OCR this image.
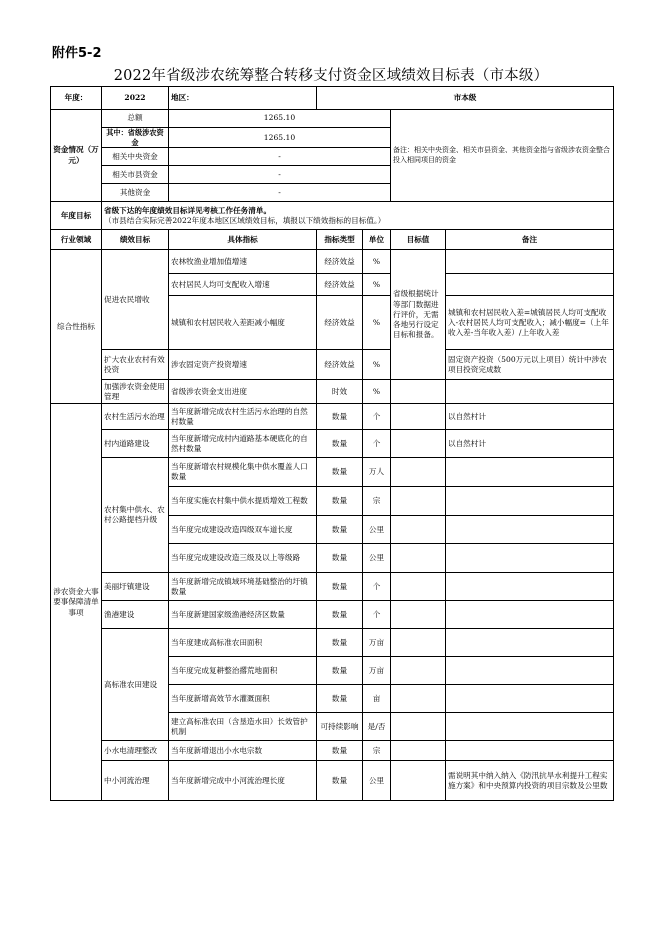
附件5-2
2022年省级涉农统筹整合转移支付资金区域绩效目标表（市本级）
年度：	2022	地区：	市本级			
资金情况（万元）	总额	1265.10			备注：相关中央资金、相关市县资金、其他资金指与省级涉农资金整合投入相同项目的资金	
	其中：省级涉农资金	1265.10				
	相关中央资金	-				
	相关市县资金	-				
	其他资金	-				
年度目标	省级下达的年度绩效目标详见考核工作任务清单。
（市县结合实际完善2022年度本地区区域绩效目标，填报以下绩效指标的目标值。）					

行业领域	绩效目标	具体指标	指标类型	单位	目标值	备注
综合性指标	促进农民增收	农林牧渔业增加值增速	经济效益	%	省级根据统计等部门数据进行评价，无需各地另行设定目标和报备。	
		农村居民人均可支配收入增速	经济效益	%		
		城镇和农村居民收入差距减小幅度	经济效益	%		城镇和农村居民收入差=城镇居民人均可支配收入-农村居民人均可支配收入；减小幅度=（上年收入差-当年收入差）/上年收入差
	扩大农业农村有效投资	涉农固定资产投资增速	经济效益	%		固定资产投资（500万元以上项目）统计中涉农项目投资完成数
	加强涉农资金使用管理	省级涉农资金支出进度	时效	%		
涉农资金大事要事保障清单事项	农村生活污水治理	当年度新增完成农村生活污水治理的自然村数量	数量	个		以自然村计
	村内道路建设	当年度新增完成村内道路基本硬底化的自然村数量	数量	个		以自然村计
	农村集中供水、农村公路提档升级	当年度新增农村规模化集中供水覆盖人口数量	数量	万人		
		当年度实施农村集中供水提质增效工程数	数量	宗		
		当年度完成建设改造四级双车道长度	数量	公里		
		当年度完成建设改造三级及以上等级路	数量	公里		
	美丽圩镇建设	当年度新增完成镇域环境基础整治的圩镇数量	数量	个		
	渔港建设	当年度新建国家级渔港经济区数量	数量	个		
	高标准农田建设	当年度建成高标准农田面积	数量	万亩		
		当年度完成复耕整治撂荒地面积	数量	万亩		
		当年度新增高效节水灌溉面积	数量	亩		
		建立高标准农田（含垦造水田）长效管护机制	可持续影响	是/否		
	小水电清理整改	当年度新增退出小水电宗数	数量	宗		
	中小河流治理	当年度新增完成中小河流治理长度	数量	公里		需说明其中纳入纳入《防汛抗旱水利提升工程实施方案》和中央预算内投资的项目宗数及公里数
